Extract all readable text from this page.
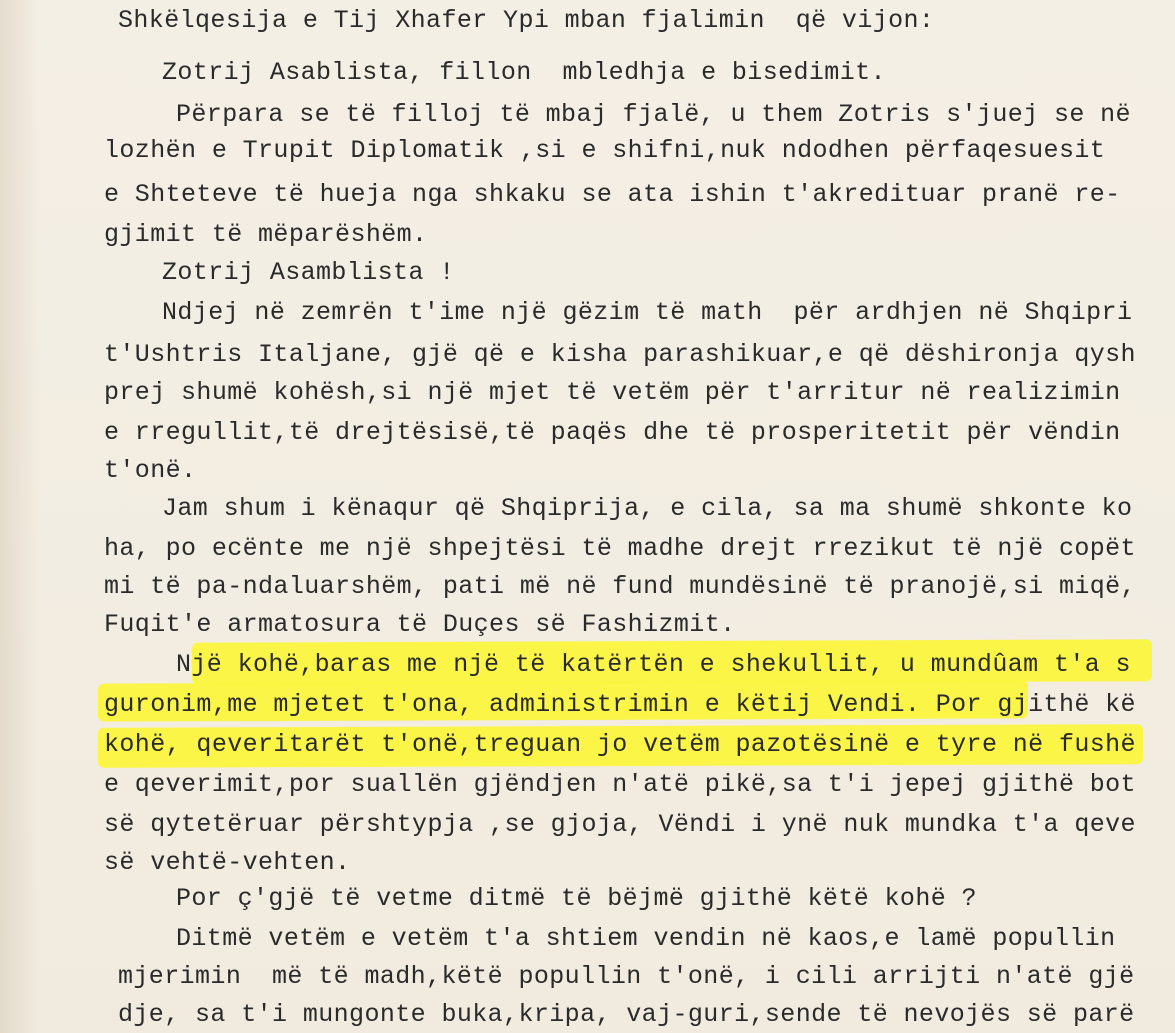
Shkëlqesija e Tij Xhafer Ypi mban fjalimin  që vijon:
Zotrij Asablista, fillon  mbledhja e bisedimit.
Përpara se të filloj të mbaj fjalë, u them Zotris s'juej se në
lozhën e Trupit Diplomatik ,si e shifni,nuk ndodhen përfaqesuesit
e Shteteve të hueja nga shkaku se ata ishin t'akredituar pranë re-
gjimit të mëparëshëm.
Zotrij Asamblista !
Ndjej në zemrën t'ime një gëzim të math  për ardhjen në Shqipri
t'Ushtris Italjane, gjë që e kisha parashikuar,e që dëshironja qysh
prej shumë kohësh,si një mjet të vetëm për t'arritur në realizimin
e rregullit,të drejtësisë,të paqës dhe të prosperitetit për vëndin
t'onë.
Jam shum i kënaqur që Shqiprija, e cila, sa ma shumë shkonte ko
ha, po ecënte me një shpejtësi të madhe drejt rrezikut të një copët
mi të pa-ndaluarshëm, pati më në fund mundësinë të pranojë,si miqë,
Fuqit'e armatosura të Duçes së Fashizmit.
Një kohë,baras me një të katërtën e shekullit, u mundûam t'a s
guronim,me mjetet t'ona, administrimin e këtij Vendi. Por gjithë kë
kohë, qeveritarët t'onë,treguan jo vetëm pazotësinë e tyre në fushë
e qeverimit,por suallën gjëndjen n'atë pikë,sa t'i jepej gjithë bot
së qytetëruar përshtypja ,se gjoja, Vëndi i ynë nuk mundka t'a qeve
së vehtë-vehten.
Por ç'gjë të vetme ditmë të bëjmë gjithë këtë kohë ?
Ditmë vetëm e vetëm t'a shtiem vendin në kaos,e lamë popullin
mjerimin  më të madh,këtë popullin t'onë, i cili arrijti n'atë gjë
dje, sa t'i mungonte buka,kripa, vaj-guri,sende të nevojës së parë
